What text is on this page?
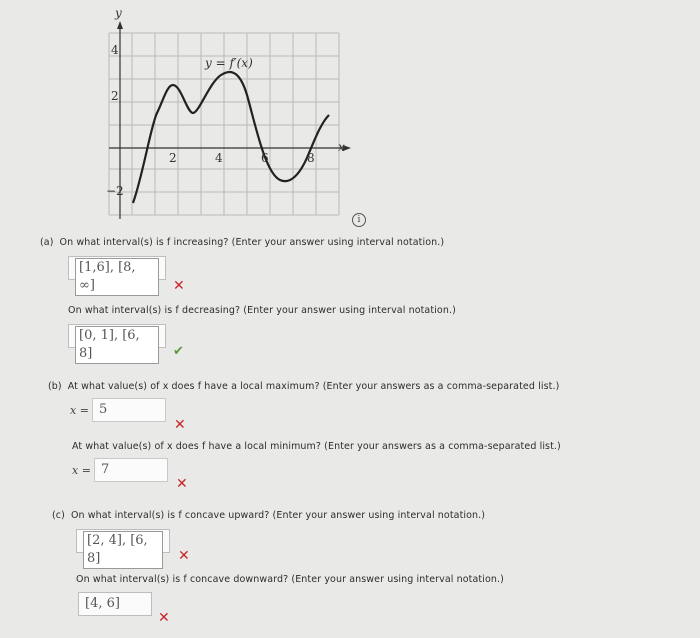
y
x
y = f′(x)
4
2
−2
2	4	6	8
i
(a) On what interval(s) is f increasing? (Enter your answer using interval notation.)
[1,6], [8, ∞]	✕
On what interval(s) is f decreasing? (Enter your answer using interval notation.)
[0, 1], [6, 8]	✔
(b) At what value(s) of x does f have a local maximum? (Enter your answers as a comma-separated list.)
x = 5
✕
At what value(s) of x does f have a local minimum? (Enter your answers as a comma-separated list.)
x = 7
✕
(c) On what interval(s) is f concave upward? (Enter your answer using interval notation.)
[2, 4], [6, 8]	✕
On what interval(s) is f concave downward? (Enter your answer using interval notation.)
[4, 6]
✕
